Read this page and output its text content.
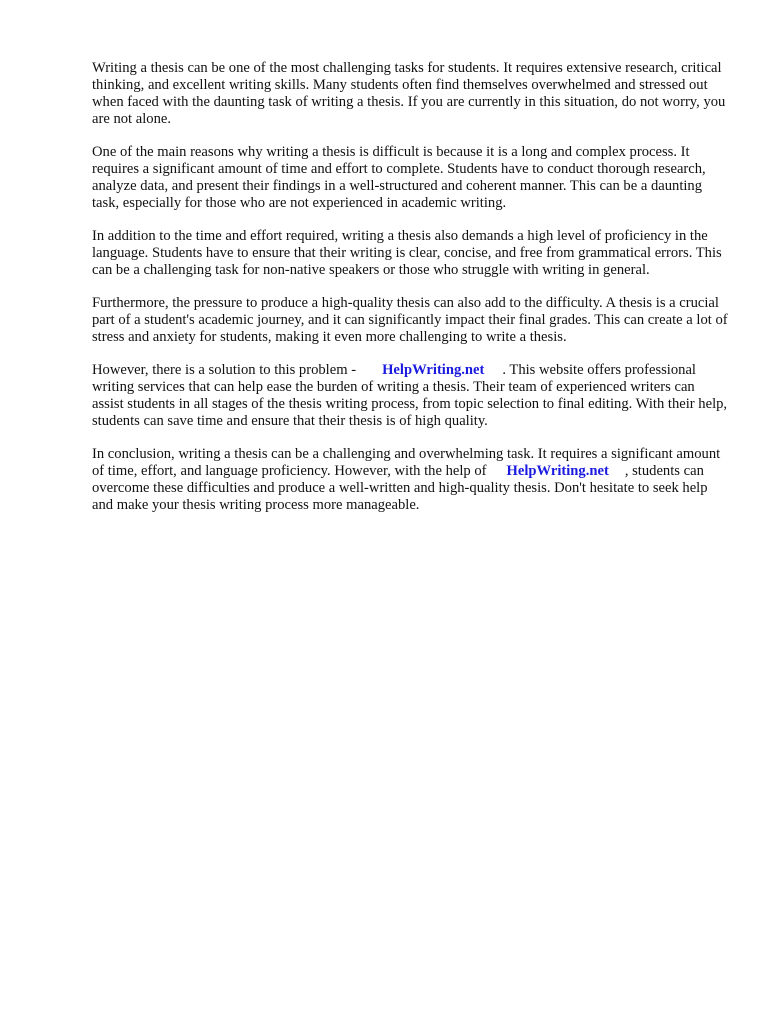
Writing a thesis can be one of the most challenging tasks for students. It requires extensive research, critical thinking, and excellent writing skills. Many students often find themselves overwhelmed and stressed out when faced with the daunting task of writing a thesis. If you are currently in this situation, do not worry, you are not alone.

One of the main reasons why writing a thesis is difficult is because it is a long and complex process. It requires a significant amount of time and effort to complete. Students have to conduct thorough research, analyze data, and present their findings in a well-structured and coherent manner. This can be a daunting task, especially for those who are not experienced in academic writing.

In addition to the time and effort required, writing a thesis also demands a high level of proficiency in the language. Students have to ensure that their writing is clear, concise, and free from grammatical errors. This can be a challenging task for non-native speakers or those who struggle with writing in general.

Furthermore, the pressure to produce a high-quality thesis can also add to the difficulty. A thesis is a crucial part of a student's academic journey, and it can significantly impact their final grades. This can create a lot of stress and anxiety for students, making it even more challenging to write a thesis.

However, there is a solution to this problem - HelpWriting.net . This website offers professional writing services that can help ease the burden of writing a thesis. Their team of experienced writers can assist students in all stages of the thesis writing process, from topic selection to final editing. With their help, students can save time and ensure that their thesis is of high quality.

In conclusion, writing a thesis can be a challenging and overwhelming task. It requires a significant amount of time, effort, and language proficiency. However, with the help of HelpWriting.net , students can overcome these difficulties and produce a well-written and high-quality thesis. Don't hesitate to seek help and make your thesis writing process more manageable.
